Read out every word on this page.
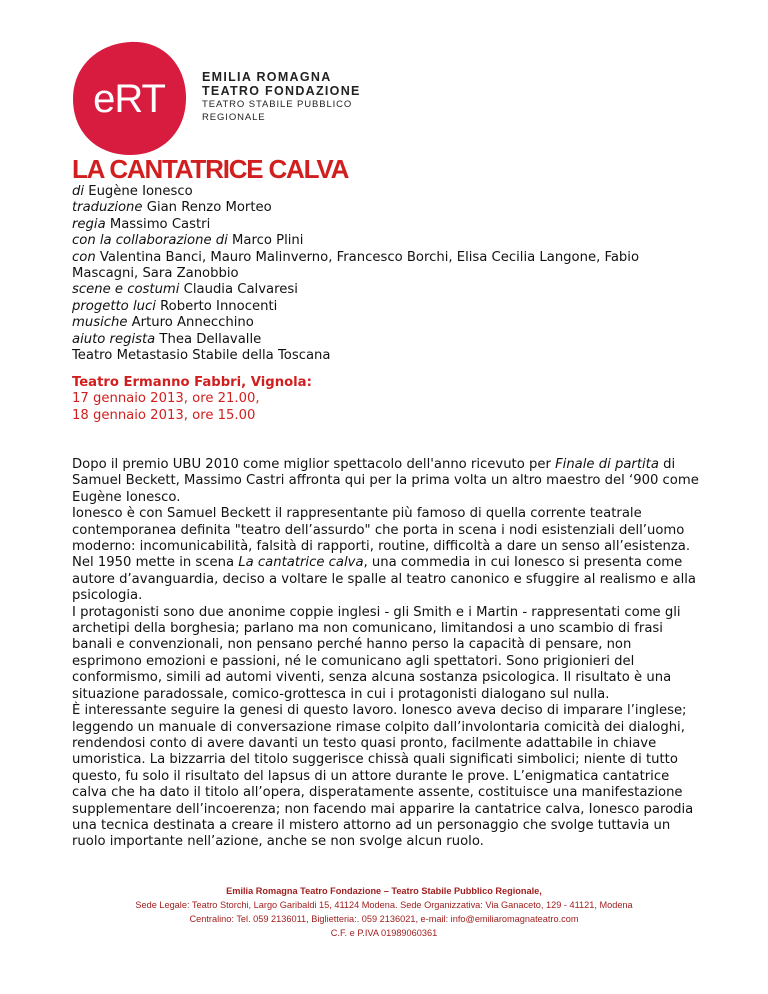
eRT	EMILIA ROMAGNA
TEATRO FONDAZIONE
TEATRO STABILE PUBBLICO REGIONALE
LA CANTATRICE CALVA
di Eugène Ionesco
traduzione Gian Renzo Morteo
regia Massimo Castri
con la collaborazione di Marco Plini
con Valentina Banci, Mauro Malinverno, Francesco Borchi, Elisa Cecilia Langone, Fabio Mascagni, Sara Zanobbio
scene e costumi Claudia Calvaresi
progetto luci Roberto Innocenti
musiche Arturo Annecchino
aiuto regista Thea Dellavalle
Teatro Metastasio Stabile della Toscana
Teatro Ermanno Fabbri, Vignola:
17 gennaio 2013, ore 21.00,
18 gennaio 2013, ore 15.00

Dopo il premio UBU 2010 come miglior spettacolo dell'anno ricevuto per Finale di partita di Samuel Beckett, Massimo Castri affronta qui per la prima volta un altro maestro del ‘900 come Eugène Ionesco.

Ionesco è con Samuel Beckett il rappresentante più famoso di quella corrente teatrale contemporanea definita "teatro dell’assurdo" che porta in scena i nodi esistenziali dell’uomo moderno: incomunicabilità, falsità di rapporti, routine, difficoltà a dare un senso all’esistenza.

Nel 1950 mette in scena La cantatrice calva, una commedia in cui Ionesco si presenta come autore d’avanguardia, deciso a voltare le spalle al teatro canonico e sfuggire al realismo e alla psicologia.

I protagonisti sono due anonime coppie inglesi - gli Smith e i Martin - rappresentati come gli archetipi della borghesia; parlano ma non comunicano, limitandosi a uno scambio di frasi banali e convenzionali, non pensano perché hanno perso la capacità di pensare, non esprimono emozioni e passioni, né le comunicano agli spettatori. Sono prigionieri del conformismo, simili ad automi viventi, senza alcuna sostanza psicologica. Il risultato è una situazione paradossale, comico-grottesca in cui i protagonisti dialogano sul nulla.

È interessante seguire la genesi di questo lavoro. Ionesco aveva deciso di imparare l’inglese; leggendo un manuale di conversazione rimase colpito dall’involontaria comicità dei dialoghi, rendendosi conto di avere davanti un testo quasi pronto, facilmente adattabile in chiave umoristica. La bizzarria del titolo suggerisce chissà quali significati simbolici; niente di tutto questo, fu solo il risultato del lapsus di un attore durante le prove. L’enigmatica cantatrice calva che ha dato il titolo all’opera, disperatamente assente, costituisce una manifestazione supplementare dell’incoerenza; non facendo mai apparire la cantatrice calva, Ionesco parodia una tecnica destinata a creare il mistero attorno ad un personaggio che svolge tuttavia un ruolo importante nell’azione, anche se non svolge alcun ruolo.

Emilia Romagna Teatro Fondazione – Teatro Stabile Pubblico Regionale,
Sede Legale: Teatro Storchi, Largo Garibaldi 15, 41124 Modena. Sede Organizzativa: Via Ganaceto, 129 - 41121, Modena
Centralino: Tel. 059 2136011, Biglietteria:. 059 2136021, e-mail: info@emiliaromagnateatro.com
C.F. e P.IVA 01989060361
